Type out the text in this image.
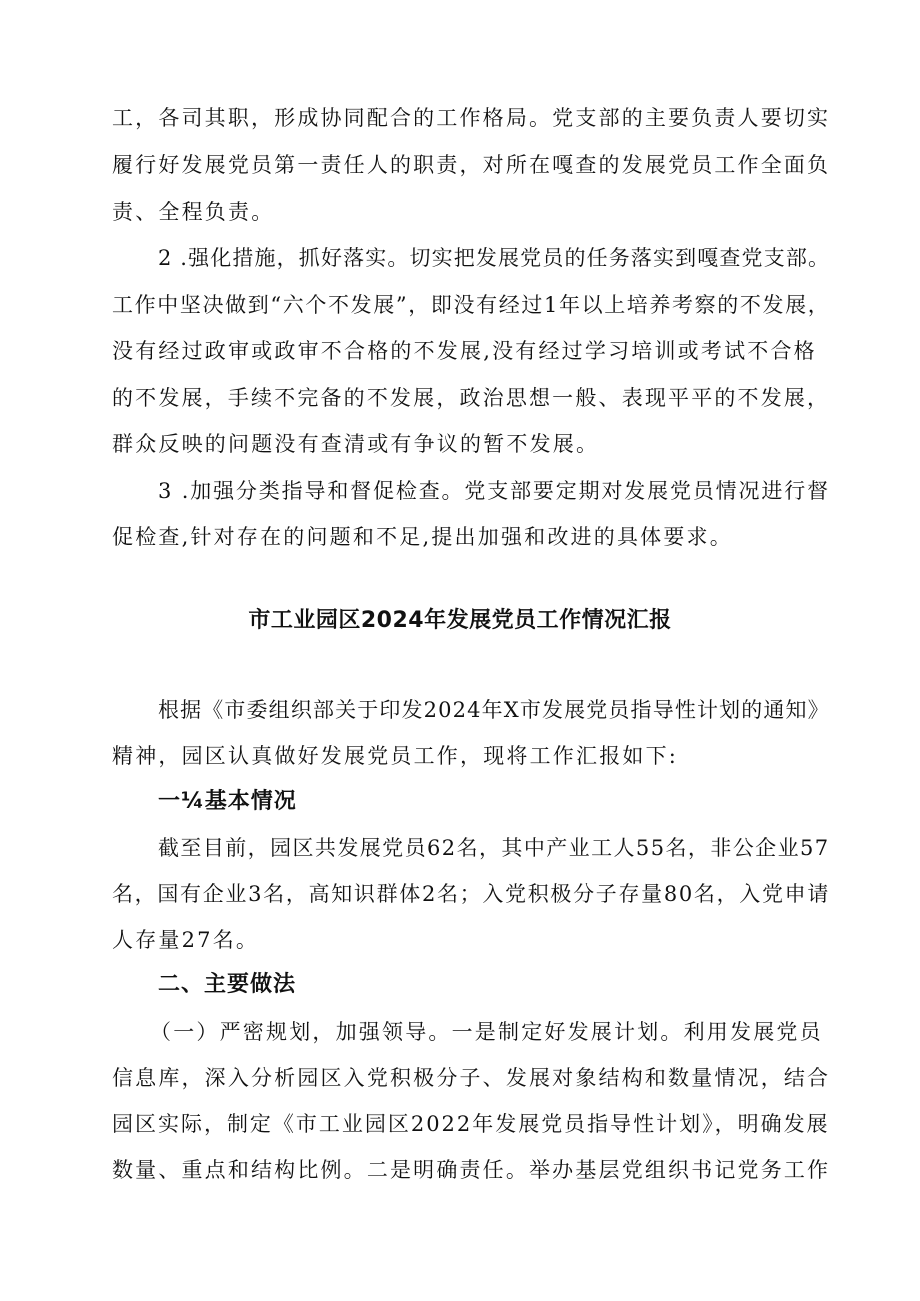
工，各司其职，形成协同配合的工作格局。党支部的主要负责人要切实
履行好发展党员第一责任人的职责，对所在嘎查的发展党员工作全面负
责、全程负责。
2 .强化措施，抓好落实。切实把发展党员的任务落实到嘎查党支部。
工作中坚决做到“六个不发展”，即没有经过1年以上培养考察的不发展，
没有经过政审或政审不合格的不发展,没有经过学习培训或考试不合格
的不发展，手续不完备的不发展，政治思想一般、表现平平的不发展，
群众反映的问题没有查清或有争议的暂不发展。
3 .加强分类指导和督促检查。党支部要定期对发展党员情况进行督
促检查,针对存在的问题和不足,提出加强和改进的具体要求。
市工业园区2024年发展党员工作情况汇报
根据《市委组织部关于印发2024年X市发展党员指导性计划的通知》
精神，园区认真做好发展党员工作，现将工作汇报如下:
一¼基本情况
截至目前，园区共发展党员62名，其中产业工人55名，非公企业57
名，国有企业3名，高知识群体2名；入党积极分子存量80名，入党申请
人存量27名。
二、主要做法
（一）严密规划，加强领导。一是制定好发展计划。利用发展党员
信息库，深入分析园区入党积极分子、发展对象结构和数量情况，结合
园区实际，制定《市工业园区2022年发展党员指导性计划》，明确发展
数量、重点和结构比例。二是明确责任。举办基层党组织书记党务工作
